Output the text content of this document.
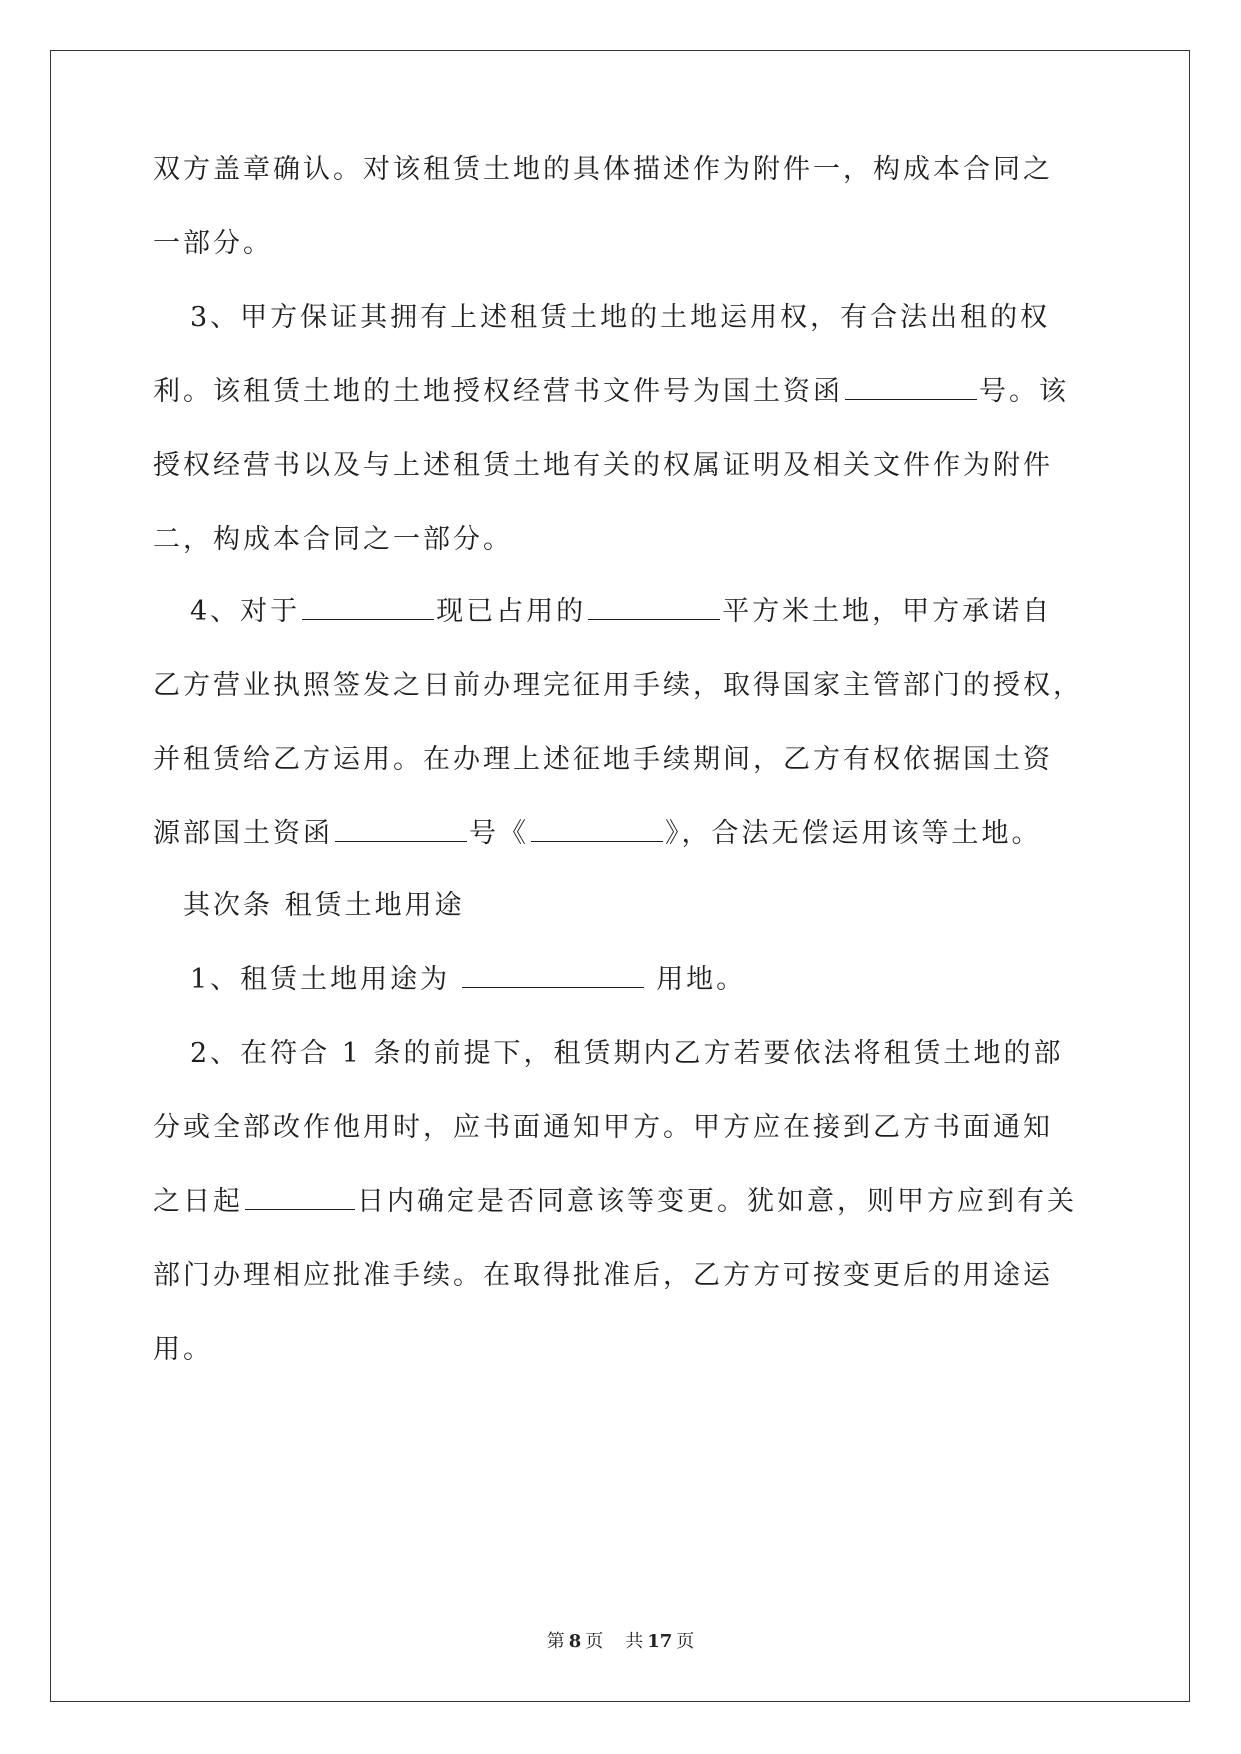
双方盖章确认。对该租赁土地的具体描述作为附件一，构成本合同之
一部分。
3、甲方保证其拥有上述租赁土地的土地运用权，有合法出租的权
利。该租赁土地的土地授权经营书文件号为国土资函	号。该
授权经营书以及与上述租赁土地有关的权属证明及相关文件作为附件
二，构成本合同之一部分。
4、对于	现已占用的	平方米土地，甲方承诺自
乙方营业执照签发之日前办理完征用手续，取得国家主管部门的授权，
并租赁给乙方运用。在办理上述征地手续期间，乙方有权依据国土资
源部国土资函	号《	》，合法无偿运用该等土地。
其次条 租赁土地用途
1、租赁土地用途为	用地。
2、在符合 1 条的前提下，租赁期内乙方若要依法将租赁土地的部
分或全部改作他用时，应书面通知甲方。甲方应在接到乙方书面通知
之日起	日内确定是否同意该等变更。犹如意，则甲方应到有关
部门办理相应批准手续。在取得批准后，乙方方可按变更后的用途运
用。
第 8 页 共 17 页
